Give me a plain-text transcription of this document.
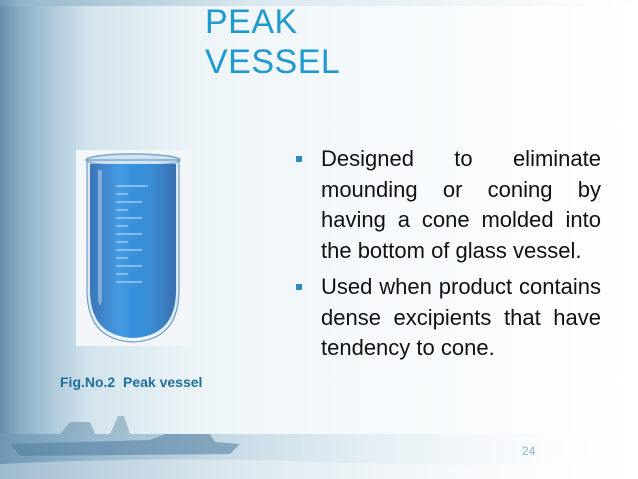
PEAK
VESSEL
Fig.No.2  Peak vessel
Designed to eliminate mounding or coning by having a cone molded into the bottom of glass vessel.
Used when product contains dense excipients that have tendency to cone.
24
